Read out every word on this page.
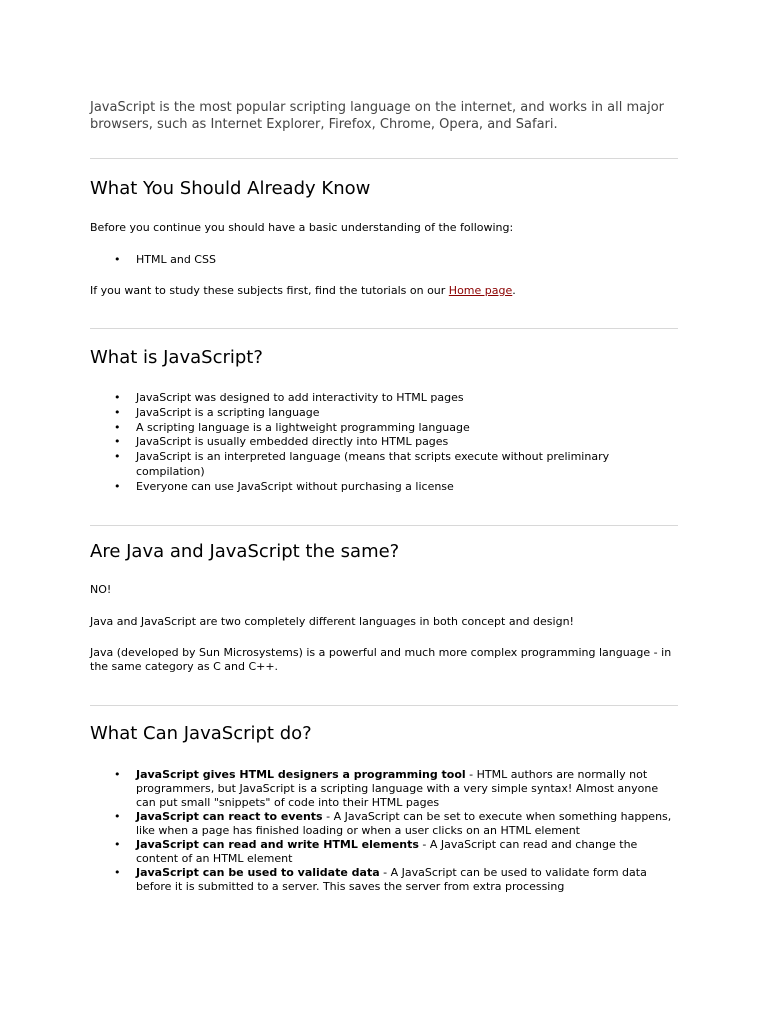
JavaScript is the most popular scripting language on the internet, and works in all major browsers, such as Internet Explorer, Firefox, Chrome, Opera, and Safari.
What You Should Already Know
Before you continue you should have a basic understanding of the following:
• HTML and CSS
If you want to study these subjects first, find the tutorials on our Home page.
What is JavaScript?
• JavaScript was designed to add interactivity to HTML pages
• JavaScript is a scripting language
• A scripting language is a lightweight programming language
• JavaScript is usually embedded directly into HTML pages
• JavaScript is an interpreted language (means that scripts execute without preliminary compilation)
• Everyone can use JavaScript without purchasing a license
Are Java and JavaScript the same?
NO!
Java and JavaScript are two completely different languages in both concept and design!
Java (developed by Sun Microsystems) is a powerful and much more complex programming language - in the same category as C and C++.
What Can JavaScript do?
• JavaScript gives HTML designers a programming tool - HTML authors are normally not programmers, but JavaScript is a scripting language with a very simple syntax! Almost anyone can put small "snippets" of code into their HTML pages
• JavaScript can react to events - A JavaScript can be set to execute when something happens, like when a page has finished loading or when a user clicks on an HTML element
• JavaScript can read and write HTML elements - A JavaScript can read and change the content of an HTML element
• JavaScript can be used to validate data - A JavaScript can be used to validate form data before it is submitted to a server. This saves the server from extra processing
